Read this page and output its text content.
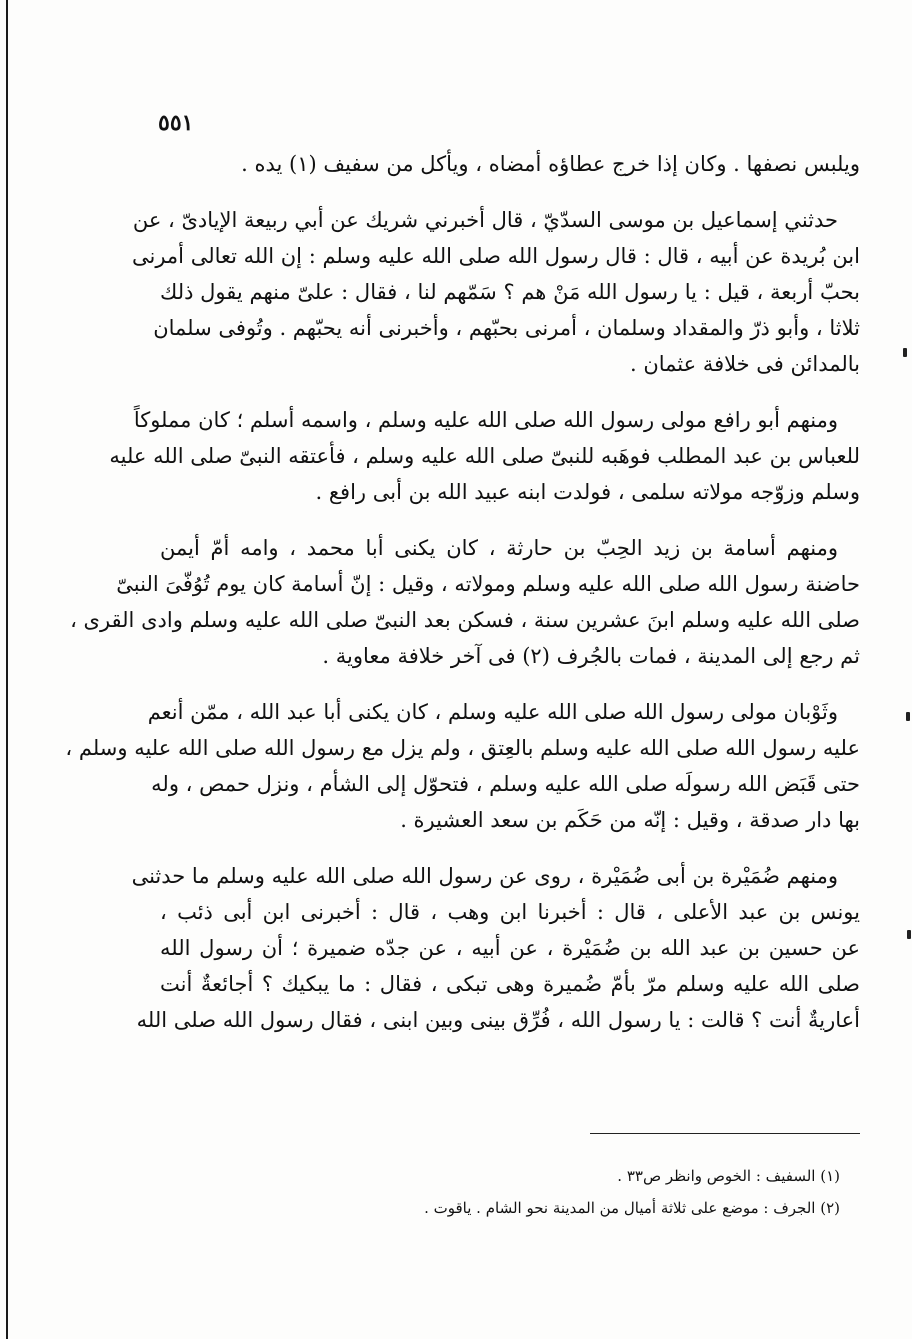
٥٥١
ويلبس نصفها . وكان إذا خرج عطاؤه أمضاه ، ويأكل من سفيف (١) يده .
حدثني إسماعيل بن موسى السدّيّ ، قال أخبرني شريك عن أبي ربيعة الإيادىّ ، عن
ابن بُريدة عن أبيه ، قال : قال رسول الله صلى الله عليه وسلم : إن الله تعالى أمرنى
بحبّ أربعة ، قيل : يا رسول الله مَنْ هم ؟ سَمّهم لنا ، فقال : علىّ منهم يقول ذلك
ثلاثا ، وأبو ذرّ والمقداد وسلمان ، أمرنى بحبّهم ، وأخبرنى أنه يحبّهم . وتُوفى سلمان
بالمدائن فى خلافة عثمان .
ومنهم أبو رافع مولى رسول الله صلى الله عليه وسلم ، واسمه أسلم ؛ كان مملوكاً
للعباس بن عبد المطلب فوهَبه للنبىّ صلى الله عليه وسلم ، فأعتقه النبىّ صلى الله عليه
وسلم وزوّجه مولاته سلمى ، فولدت ابنه عبيد الله بن أبى رافع .
ومنهم أسامة بن زيد الحِبّ بن حارثة ، كان يكنى أبا محمد ، وامه أمّ أيمن
حاضنة رسول الله صلى الله عليه وسلم ومولاته ، وقيل : إنّ أسامة كان يوم تُوُفّىَ النبىّ
صلى الله عليه وسلم ابنَ عشرين سنة ، فسكن بعد النبىّ صلى الله عليه وسلم وادى القرى ،
ثم رجع إلى المدينة ، فمات بالجُرف (٢) فى آخر خلافة معاوية .
وثَوْبان مولى رسول الله صلى الله عليه وسلم ، كان يكنى أبا عبد الله ، ممّن أنعم
عليه رسول الله صلى الله عليه وسلم بالعِتق ، ولم يزل مع رسول الله صلى الله عليه وسلم ،
حتى قَبَض الله رسولَه صلى الله عليه وسلم ، فتحوّل إلى الشأم ، ونزل حمص ، وله
بها دار صدقة ، وقيل : إنّه من حَكَم بن سعد العشيرة .
ومنهم ضُمَيْرة بن أبى ضُمَيْرة ، روى عن رسول الله صلى الله عليه وسلم ما حدثنى
يونس بن عبد الأعلى ، قال : أخبرنا ابن وهب ، قال : أخبرنى ابن أبى ذئب ،
عن حسين بن عبد الله بن ضُمَيْرة ، عن أبيه ، عن جدّه ضميرة ؛ أن رسول الله
صلى الله عليه وسلم مرّ بأمّ ضُميرة وهى تبكى ، فقال : ما يبكيك ؟ أجائعةٌ أنت
أعاريةٌ أنت ؟ قالت : يا رسول الله ، فُرِّق بينى وبين ابنى ، فقال رسول الله صلى الله
(١) السفيف : الخوص وانظر ص٣٣ .
(٢) الجرف : موضع على ثلاثة أميال من المدينة نحو الشام . ياقوت .
